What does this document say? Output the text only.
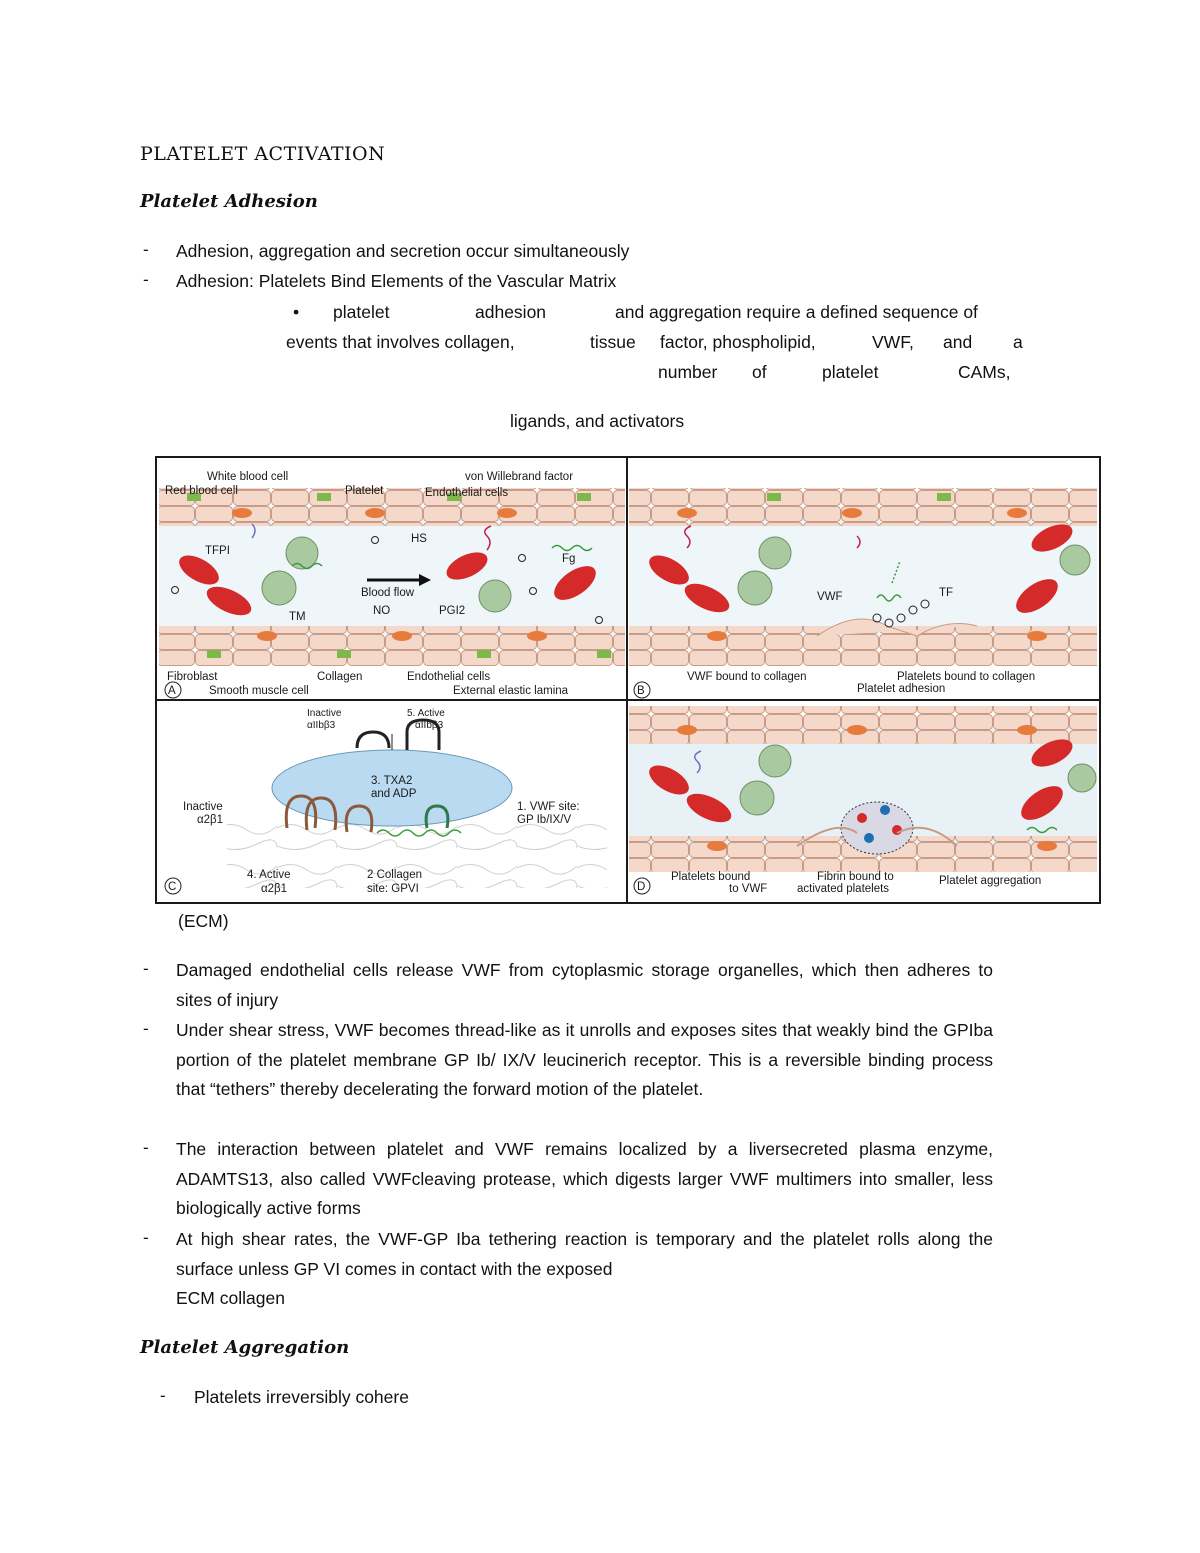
PLATELET ACTIVATION
Platelet Adhesion
- Adhesion, aggregation and secretion occur simultaneously
- Adhesion: Platelets Bind Elements of the Vascular Matrix
• platelet	adhesion	and aggregation require a defined sequence of
events that involves collagen,	tissue factor, phospholipid,	VWF, and a
number of	platelet	CAMs,
ligands, and activators
White blood cell
Red blood cell	Platelet
von Willebrand factor
Endothelial cells
TFPI
HS
Fg
Blood flow
TM	NO	PGI2
Fibroblast	Collagen	Endothelial cells
Smooth muscle cell	External elastic lamina
A
VWF	TF
VWF bound to collagen	Platelets bound to collagen
Platelet adhesion
B
Inactive
αIIbβ3
5. Active
αIIbβ3
3. TXA2
and ADP
Inactive
α2β1
1. VWF site:
GP Ib/IX/V
4. Active
α2β1
2 Collagen
site: GPVI
C
Platelets bound
to VWF
Fibrin bound to
activated platelets
Platelet aggregation
D
(ECM)
- Damaged endothelial cells release VWF from cytoplasmic storage organelles, which then adheres to sites of injury
- Under shear stress, VWF becomes thread-like as it unrolls and exposes sites that weakly bind the GPIba portion of the platelet membrane GP Ib/ IX/V leucinerich receptor. This is a reversible binding process that “tethers” thereby decelerating the forward motion of the platelet.
- The interaction between platelet and VWF remains localized by a liversecreted plasma enzyme, ADAMTS13, also called VWFcleaving protease, which digests larger VWF multimers into smaller, less biologically active forms
- At high shear rates, the VWF-GP Iba tethering reaction is temporary and the platelet rolls along the surface unless GP VI comes in contact with the exposed
ECM collagen
Platelet Aggregation
- Platelets irreversibly cohere
